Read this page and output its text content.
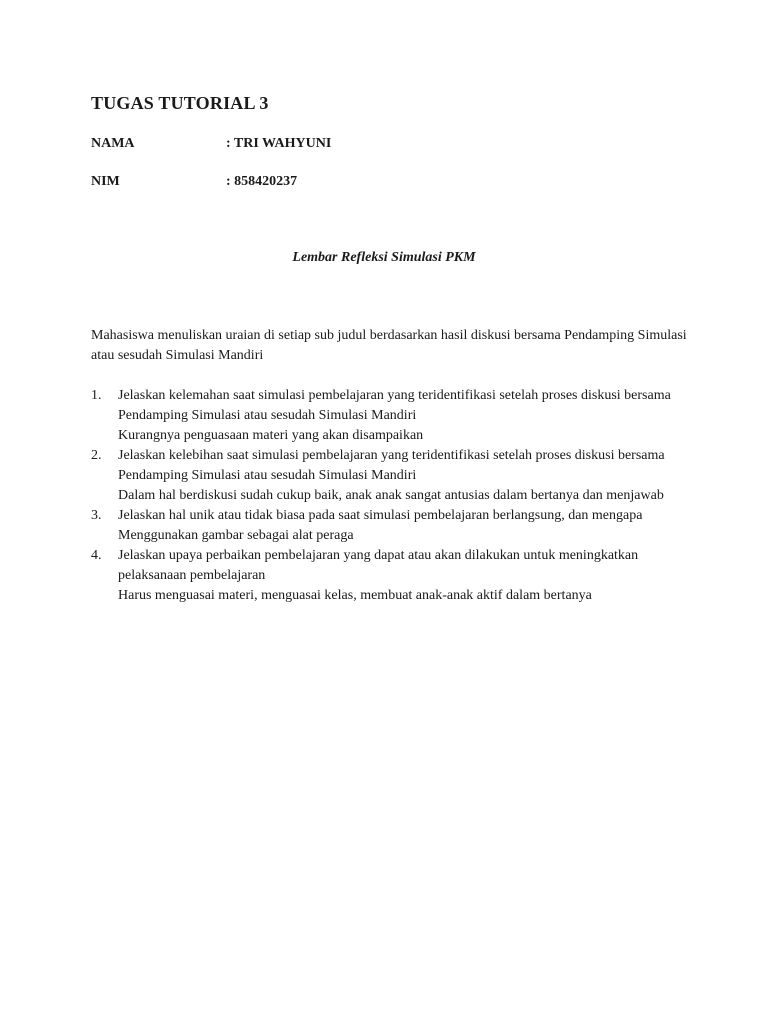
TUGAS TUTORIAL 3
NAMA	: TRI WAHYUNI
NIM	: 858420237
Lembar Refleksi Simulasi PKM
Mahasiswa menuliskan uraian di setiap sub judul berdasarkan hasil diskusi bersama Pendamping Simulasi atau sesudah Simulasi Mandiri
1. Jelaskan kelemahan saat simulasi pembelajaran yang teridentifikasi setelah proses diskusi bersama Pendamping Simulasi atau sesudah Simulasi Mandiri
Kurangnya penguasaan materi yang akan disampaikan
2. Jelaskan kelebihan saat simulasi pembelajaran yang teridentifikasi setelah proses diskusi bersama Pendamping Simulasi atau sesudah Simulasi Mandiri
Dalam hal berdiskusi sudah cukup baik, anak anak sangat antusias dalam bertanya dan menjawab
3. Jelaskan hal unik atau tidak biasa pada saat simulasi pembelajaran berlangsung, dan mengapa
Menggunakan gambar sebagai alat peraga
4. Jelaskan upaya perbaikan pembelajaran yang dapat atau akan dilakukan untuk meningkatkan pelaksanaan pembelajaran
Harus menguasai materi, menguasai kelas, membuat anak-anak aktif dalam bertanya
